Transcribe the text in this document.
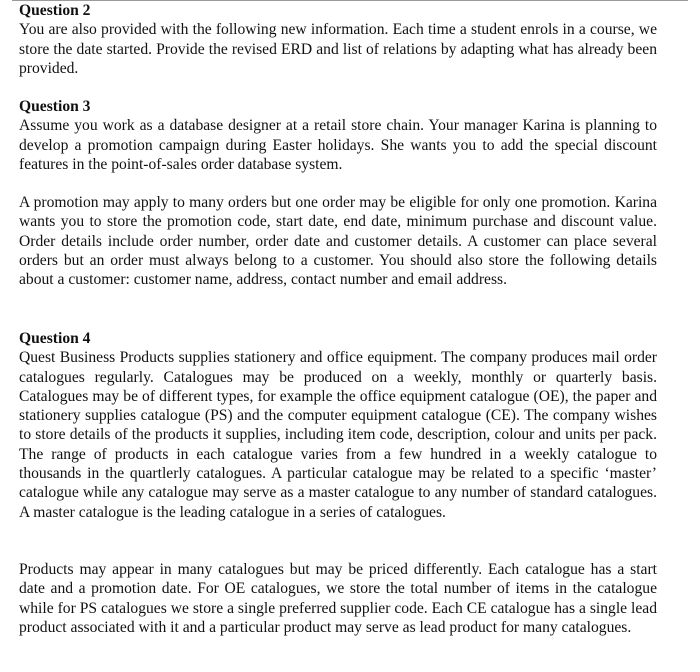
Question 2

You are also provided with the following new information. Each time a student enrols in a course, we store the date started. Provide the revised ERD and list of relations by adapting what has already been provided.

Question 3

Assume you work as a database designer at a retail store chain. Your manager Karina is planning to develop a promotion campaign during Easter holidays. She wants you to add the special discount features in the point-of-sales order database system.

A promotion may apply to many orders but one order may be eligible for only one promotion. Karina wants you to store the promotion code, start date, end date, minimum purchase and discount value. Order details include order number, order date and customer details. A customer can place several orders but an order must always belong to a customer. You should also store the following details about a customer: customer name, address, contact number and email address.

Question 4

Quest Business Products supplies stationery and office equipment. The company produces mail order catalogues regularly. Catalogues may be produced on a weekly, monthly or quarterly basis. Catalogues may be of different types, for example the office equipment catalogue (OE), the paper and stationery supplies catalogue (PS) and the computer equipment catalogue (CE). The company wishes to store details of the products it supplies, including item code, description, colour and units per pack. The range of products in each catalogue varies from a few hundred in a weekly catalogue to thousands in the quartlerly catalogues. A particular catalogue may be related to a specific ‘master’ catalogue while any catalogue may serve as a master catalogue to any number of standard catalogues. A master catalogue is the leading catalogue in a series of catalogues.

Products may appear in many catalogues but may be priced differently. Each catalogue has a start date and a promotion date. For OE catalogues, we store the total number of items in the catalogue while for PS catalogues we store a single preferred supplier code. Each CE catalogue has a single lead product associated with it and a particular product may serve as lead product for many catalogues.
